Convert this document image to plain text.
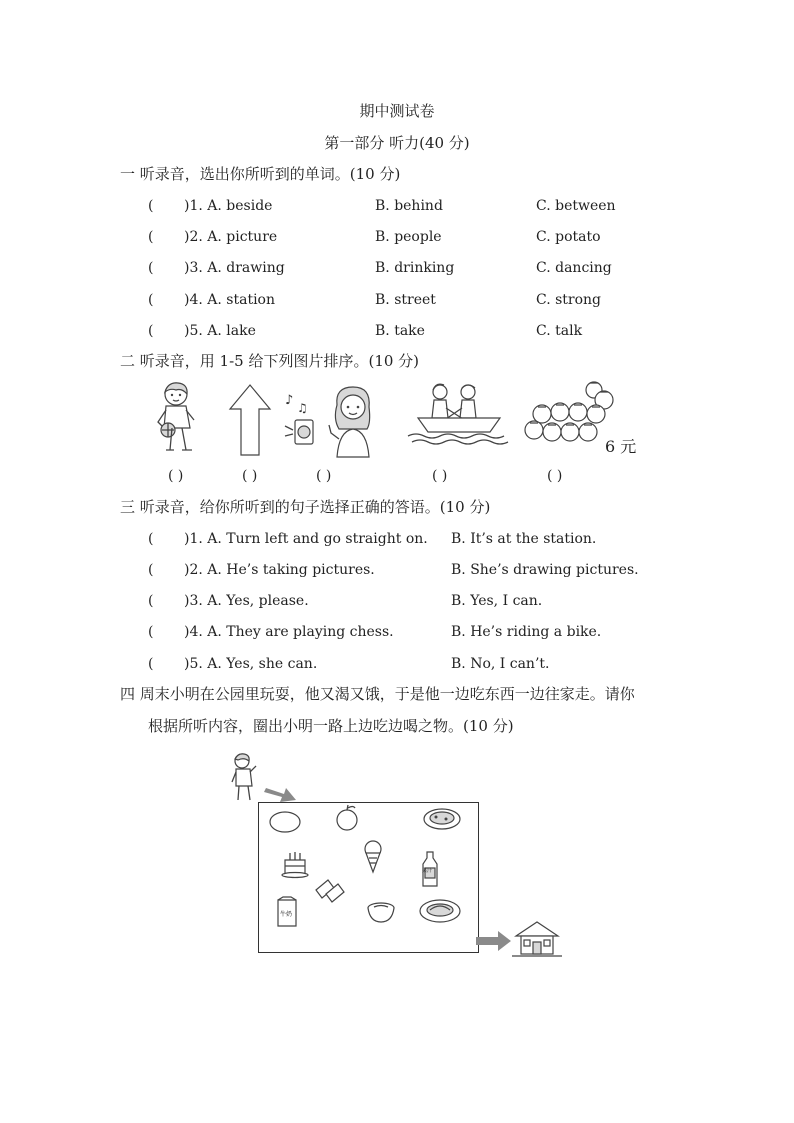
期中测试卷
第一部分 听力(40 分)
一 听录音，选出你所听到的单词。(10 分)
( )1. A. beside	B. behind	C. between
( )2. A. picture	B. people	C. potato
( )3. A. drawing	B. drinking	C. dancing
( )4. A. station	B. street	C. strong
( )5. A. lake	B. take	C. talk
二 听录音，用 1-5 给下列图片排序。(10 分)
♪ ♫
6 元
( )	( )	( )	( )	( )
三 听录音，给你所听到的句子选择正确的答语。(10 分)
( )1. A. Turn left and go straight on. B. It’s at the station.
( )2. A. He’s taking pictures.	B. She’s drawing pictures.
( )3. A. Yes, please.	B. Yes, I can.
( )4. A. They are playing chess.	B. He’s riding a bike.
( )5. A. Yes, she can.	B. No, I can’t.
四 周末小明在公园里玩耍，他又渴又饿，于是他一边吃东西一边往家走。请你
根据所听内容，圈出小明一路上边吃边喝之物。(10 分)
果汁
牛奶
